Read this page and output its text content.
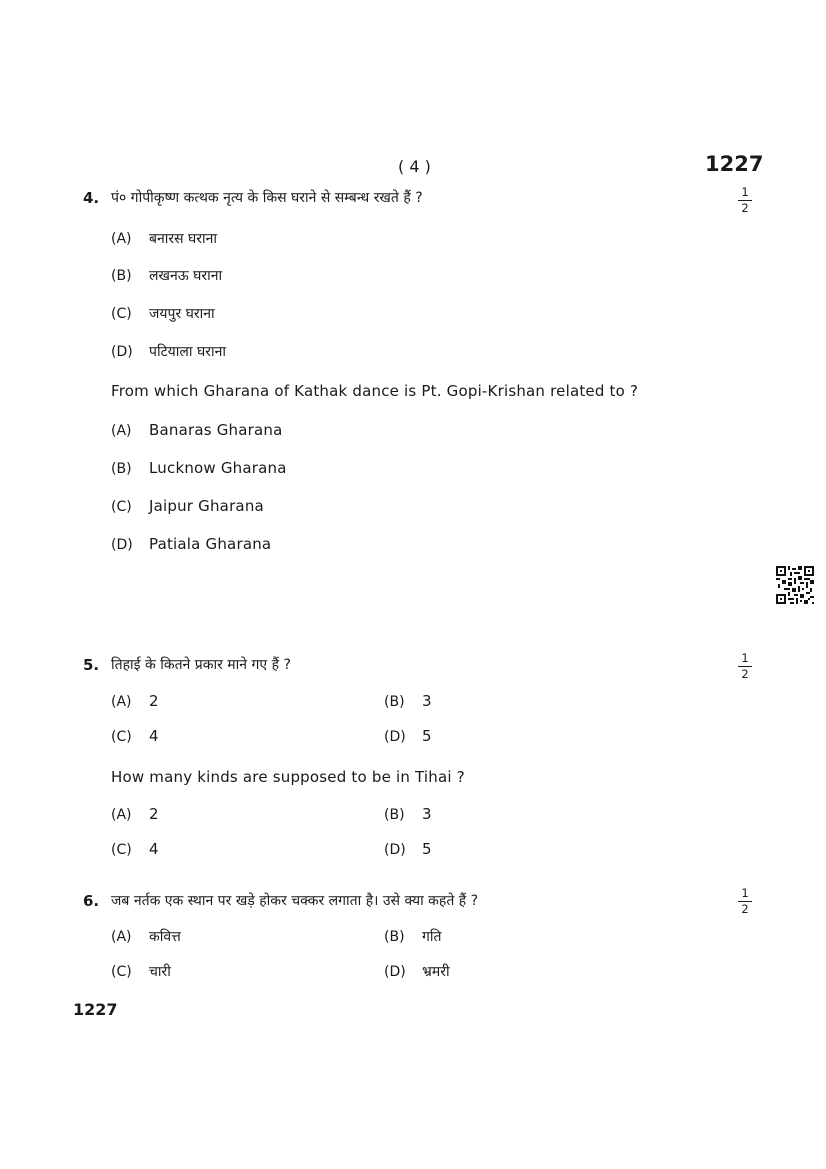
( 4 )	1227
4. पं० गोपीकृष्ण कत्थक नृत्य के किस घराने से सम्बन्ध रखते हैं ?	1
2
(A) बनारस घराना
(B) लखनऊ घराना
(C) जयपुर घराना
(D) पटियाला घराना
From which Gharana of Kathak dance is Pt. Gopi-Krishan related to ?
(A) Banaras Gharana
(B) Lucknow Gharana
(C) Jaipur Gharana
(D) Patiala Gharana
5. तिहाई के कितने प्रकार माने गए हैं ?	1
2
(A) 2	(B) 3
(C) 4	(D) 5
How many kinds are supposed to be in Tihai ?
(A) 2	(B) 3
(C) 4	(D) 5
6. जब नर्तक एक स्थान पर खड़े होकर चक्कर लगाता है। उसे क्या कहते हैं ?	1
2
(A) कवित्त	(B) गति
(C) चारी	(D) भ्रमरी
1227
